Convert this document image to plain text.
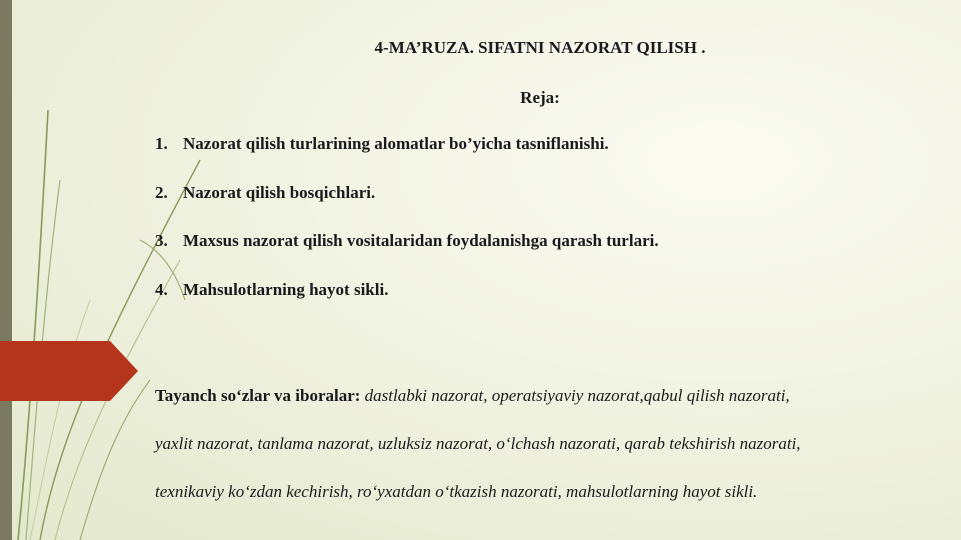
4-MA’RUZA. SIFATNI NAZORAT QILISH .
Reja:
1. Nazorat qilish turlarining alomatlar bo’yicha tasniflanishi.
2. Nazorat qilish bosqichlari.
3. Maxsus nazorat qilish vositalaridan foydalanishga qarash turlari.
4. Mahsulotlarning hayot sikli.
Tayanch so‘zlar va iboralar: dastlabki nazorat, operatsiyaviy nazorat,qabul qilish nazorati,
yaxlit nazorat, tanlama nazorat, uzluksiz nazorat, o‘lchash nazorati, qarab tekshirish nazorati,
texnikaviy ko‘zdan kechirish, ro‘yxatdan o‘tkazish nazorati, mahsulotlarning hayot sikli.
